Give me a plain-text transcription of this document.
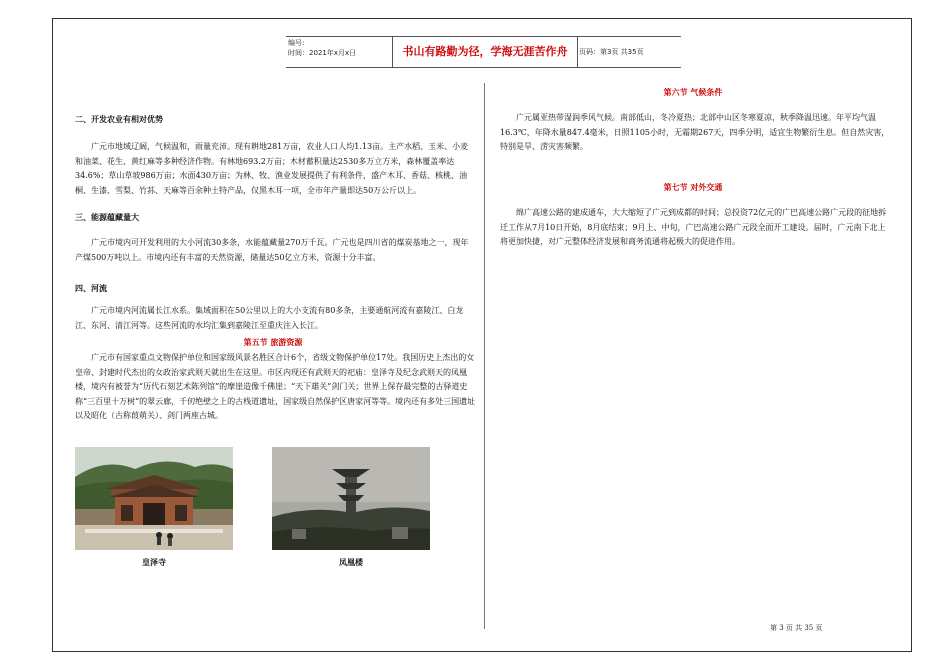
编号:
时间：2021年x月x日	书山有路勤为径，学海无涯苦作舟	页码：第3页 共35页
二、开发农业有相对优势
广元市地域辽阔，气候温和，雨量充沛。现有耕地281万亩，农业人口人均1.13亩。主产水稻、玉米、小麦和油菜、花生、黄红麻等多种经济作物。有林地693.2万亩；木材蓄积量达2530多万立方米，森林覆盖率达34.6%；草山草坡986万亩；水面430万亩；为林、牧、渔业发展提供了有利条件，盛产木耳、香菇、核桃、油桐、生漆、雪梨、竹荪、天麻等百余种土特产品，仅黑木耳一项，全市年产量即达50万公斤以上。
三、能源蕴藏量大
广元市境内可开发利用的大小河流30多条，水能蕴藏量270万千瓦。广元也是四川省的煤炭基地之一，现年产煤500万吨以上。市境内还有丰富的天然资源，储量达50亿立方米，资源十分丰富。
四、河流
广元市境内河流属长江水系。集域面积在50公里以上的大小支流有80多条，主要通航河流有嘉陵江、白龙江、东河、清江河等。这些河流的水均汇集到嘉陵江至重庆注入长江。
第五节 旅游资源
广元市有国家重点文物保护单位和国家级风景名胜区合计6个，省级文物保护单位17处。我国历史上杰出的女皇帝、封建时代杰出的女政治家武则天就出生在这里。市区内现还有武则天的祀庙：皇泽寺及纪念武则天的凤凰楼，境内有被誉为“历代石刻艺术陈列馆”的摩崖造像千佛崖；“天下雄关”剑门关；世界上保存最完整的古驿道史称“三百里十万树”的翠云廊，千仞绝壁之上的古栈道遗址，国家级自然保护区唐家河等等。境内还有多处三国遗址以及昭化（古称葭萌关）、剑门两座古城。
皇泽寺	凤凰楼
第六节 气候条件
广元属亚热带湿润季风气候。南部低山，冬冷夏热；北部中山区冬寒夏凉，秋季降温迅速。年平均气温16.3℃，年降水量847.4毫米，日照1105小时，无霜期267天，四季分明，适宜生物繁衍生息。但自然灾害，特别是旱、涝灾害频繁。
第七节 对外交通
绵广高速公路的建成通车，大大缩短了广元到成都的时间；总投资72亿元的广巴高速公路广元段的征地拆迁工作从7月10日开始，8月底结束；9月上、中旬，广巴高速公路广元段全面开工建设。届时，广元南下北上将更加快捷，对广元整体经济发展和商务流通将起极大的促进作用。
第 3 页 共 35 页
